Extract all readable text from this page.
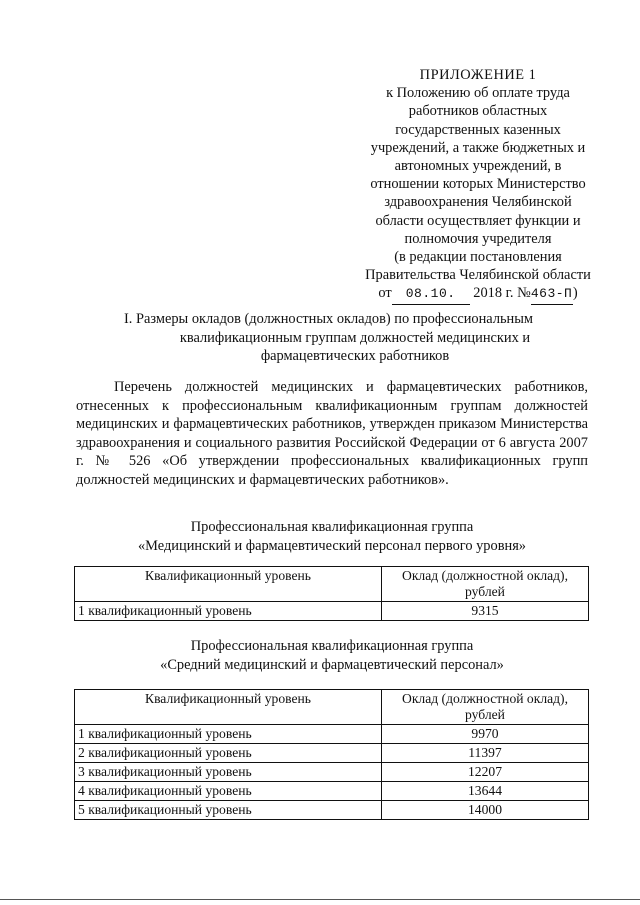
ПРИЛОЖЕНИЕ 1
к Положению об оплате труда
работников областных
государственных казенных
учреждений, а также бюджетных и
автономных учреждений, в
отношении которых Министерство
здравоохранения Челябинской
области осуществляет функции и
полномочия учредителя
(в редакции постановления
Правительства Челябинской области
от 08.10. 2018 г. №463-П)
I. Размеры окладов (должностных окладов) по профессиональным
квалификационным группам должностей медицинских и
фармацевтических работников
Перечень должностей медицинских и фармацевтических работников, отнесенных к профессиональным квалификационным группам должностей медицинских и фармацевтических работников, утвержден приказом Министерства здравоохранения и социального развития Российской Федерации от 6 августа 2007 г. № 526 «Об утверждении профессиональных квалификационных групп должностей медицинских и фармацевтических работников».
Профессиональная квалификационная группа
«Медицинский и фармацевтический персонал первого уровня»
Квалификационный уровень	Оклад (должностной оклад), рублей
1 квалификационный уровень	9315
Профессиональная квалификационная группа
«Средний медицинский и фармацевтический персонал»
Квалификационный уровень	Оклад (должностной оклад), рублей
1 квалификационный уровень	9970
2 квалификационный уровень	11397
3 квалификационный уровень	12207
4 квалификационный уровень	13644
5 квалификационный уровень	14000
